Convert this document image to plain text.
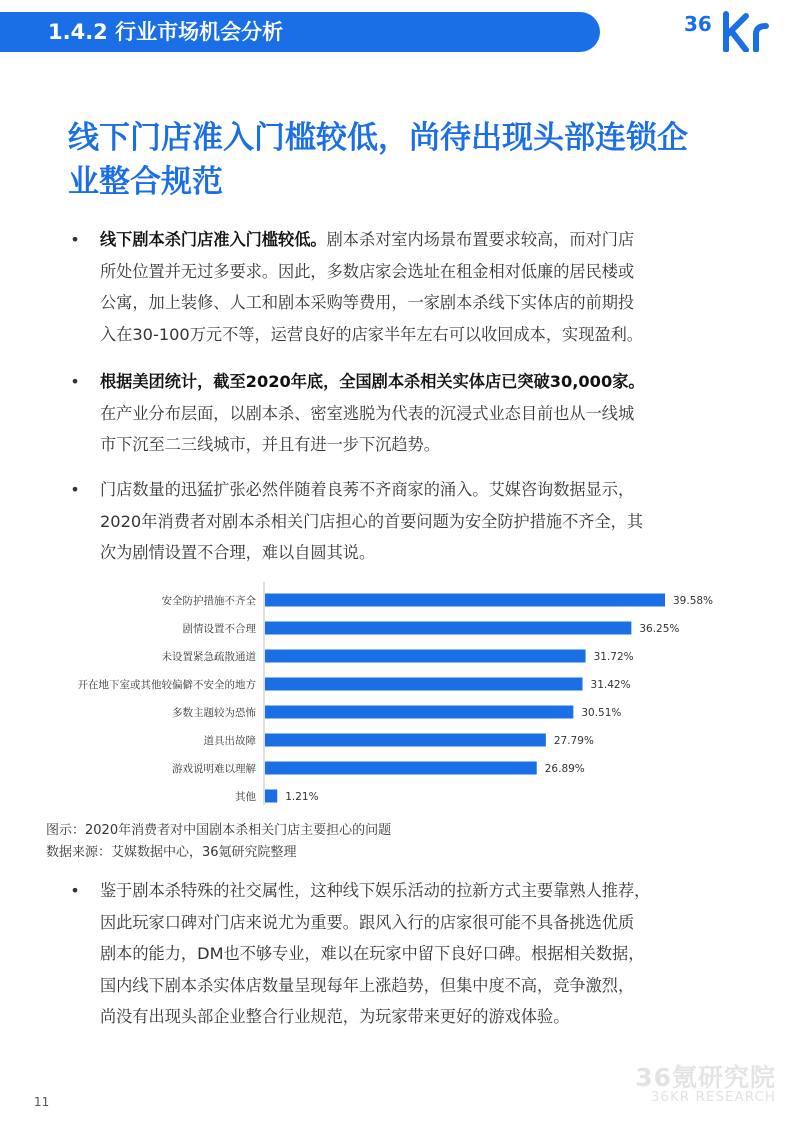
1.4.2 行业市场机会分析	36
线下门店准入门槛较低，尚待出现头部连锁企
业整合规范
• 线下剧本杀门店准入门槛较低。剧本杀对室内场景布置要求较高，而对门店
所处位置并无过多要求。因此，多数店家会选址在租金相对低廉的居民楼或
公寓，加上装修、人工和剧本采购等费用，一家剧本杀线下实体店的前期投
入在30-100万元不等，运营良好的店家半年左右可以收回成本，实现盈利。
• 根据美团统计，截至2020年底，全国剧本杀相关实体店已突破30,000家。
在产业分布层面，以剧本杀、密室逃脱为代表的沉浸式业态目前也从一线城
市下沉至二三线城市，并且有进一步下沉趋势。
• 门店数量的迅猛扩张必然伴随着良莠不齐商家的涌入。艾媒咨询数据显示，
2020年消费者对剧本杀相关门店担心的首要问题为安全防护措施不齐全，其
次为剧情设置不合理，难以自圆其说。
安全防护措施不齐全	39.58%
剧情设置不合理	36.25%
未设置紧急疏散通道	31.72%
开在地下室或其他较偏僻不安全的地方	31.42%
多数主题较为恐怖	30.51%
道具出故障	27.79%
游戏说明难以理解	26.89%
其他	1.21%
图示：2020年消费者对中国剧本杀相关门店主要担心的问题
数据来源：艾媒数据中心，36氪研究院整理
• 鉴于剧本杀特殊的社交属性，这种线下娱乐活动的拉新方式主要靠熟人推荐，
因此玩家口碑对门店来说尤为重要。跟风入行的店家很可能不具备挑选优质
剧本的能力，DM也不够专业，难以在玩家中留下良好口碑。根据相关数据，
国内线下剧本杀实体店数量呈现每年上涨趋势，但集中度不高，竞争激烈，
尚没有出现头部企业整合行业规范，为玩家带来更好的游戏体验。
36氪研究院
36KR RESEARCH
11
